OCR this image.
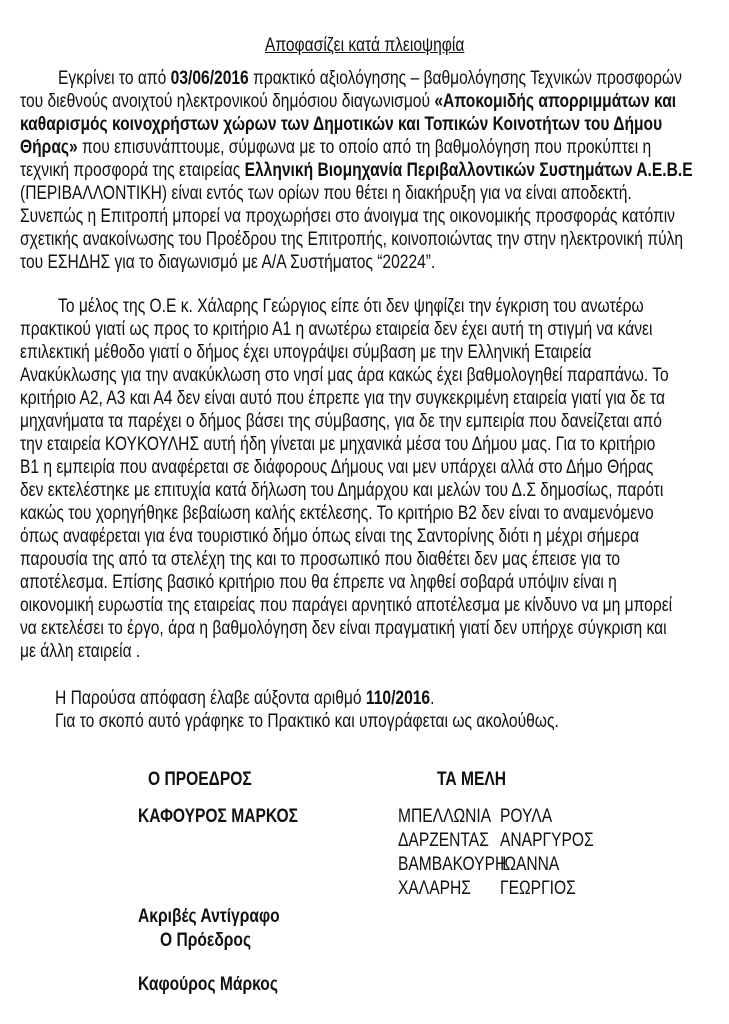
Αποφασίζει κατά πλειοψηφία
Εγκρίνει το από 03/06/2016 πρακτικό αξιολόγησης – βαθμολόγησης Τεχνικών προσφορών
του διεθνούς ανοιχτού ηλεκτρονικού δημόσιου διαγωνισμού «Αποκομιδής απορριμμάτων και
καθαρισμός κοινοχρήστων χώρων των Δημοτικών και Τοπικών Κοινοτήτων του Δήμου
Θήρας» που επισυνάπτουμε, σύμφωνα με το οποίο από τη βαθμολόγηση που προκύπτει η
τεχνική προσφορά της εταιρείας Ελληνική Βιομηχανία Περιβαλλοντικών Συστημάτων Α.Ε.Β.Ε
(ΠΕΡΙΒΑΛΛΟΝΤΙΚΗ) είναι εντός των ορίων που θέτει η διακήρυξη για να είναι αποδεκτή.
Συνεπώς η Επιτροπή μπορεί να προχωρήσει στο άνοιγμα της οικονομικής προσφοράς κατόπιν
σχετικής ανακοίνωσης του Προέδρου της Επιτροπής, κοινοποιώντας την στην ηλεκτρονική πύλη
του ΕΣΗΔΗΣ για το διαγωνισμό με Α/Α Συστήματος “20224”.
Το μέλος της Ο.Ε κ. Χάλαρης Γεώργιος είπε ότι δεν ψηφίζει την έγκριση του ανωτέρω
πρακτικού γιατί ως προς το κριτήριο Α1 η ανωτέρω εταιρεία δεν έχει αυτή τη στιγμή να κάνει
επιλεκτική μέθοδο γιατί ο δήμος έχει υπογράψει σύμβαση με την Ελληνική Εταιρεία
Ανακύκλωσης για την ανακύκλωση στο νησί μας άρα κακώς έχει βαθμολογηθεί παραπάνω. Το
κριτήριο Α2, Α3 και Α4 δεν είναι αυτό που έπρεπε για την συγκεκριμένη εταιρεία γιατί για δε τα
μηχανήματα τα παρέχει ο δήμος βάσει της σύμβασης, για δε την εμπειρία που δανείζεται από
την εταιρεία ΚΟΥΚΟΥΛΗΣ αυτή ήδη γίνεται με μηχανικά μέσα του Δήμου μας. Για το κριτήριο
Β1 η εμπειρία που αναφέρεται σε διάφορους Δήμους ναι μεν υπάρχει αλλά στο Δήμο Θήρας
δεν εκτελέστηκε με επιτυχία κατά δήλωση του Δημάρχου και μελών του Δ.Σ δημοσίως, παρότι
κακώς του χορηγήθηκε βεβαίωση καλής εκτέλεσης. Το κριτήριο Β2 δεν είναι το αναμενόμενο
όπως αναφέρεται για ένα τουριστικό δήμο όπως είναι της Σαντορίνης διότι η μέχρι σήμερα
παρουσία της από τα στελέχη της και το προσωπικό που διαθέτει δεν μας έπεισε για το
αποτέλεσμα. Επίσης βασικό κριτήριο που θα έπρεπε να ληφθεί σοβαρά υπόψιν είναι η
οικονομική ευρωστία της εταιρείας που παράγει αρνητικό αποτέλεσμα με κίνδυνο να μη μπορεί
να εκτελέσει το έργο, άρα η βαθμολόγηση δεν είναι πραγματική γιατί δεν υπήρχε σύγκριση και
με άλλη εταιρεία .
Η Παρούσα απόφαση έλαβε αύξοντα αριθμό 110/2016.
Για το σκοπό αυτό γράφηκε το Πρακτικό και υπογράφεται ως ακολούθως.
Ο ΠΡΟΕΔΡΟΣ
ΚΑΦΟΥΡΟΣ ΜΑΡΚΟΣ
ΤΑ ΜΕΛΗ
ΜΠΕΛΛΩΝΙΑ ΡΟΥΛΑ
ΔΑΡΖΕΝΤΑΣ ΑΝΑΡΓΥΡΟΣ
ΒΑΜΒΑΚΟΥΡΗ
ΙΩΑΝΝΑ
ΧΑΛΑΡΗΣ ΓΕΩΡΓΙΟΣ
Ακριβές Αντίγραφο
Ο Πρόεδρος
Καφούρος Μάρκος
